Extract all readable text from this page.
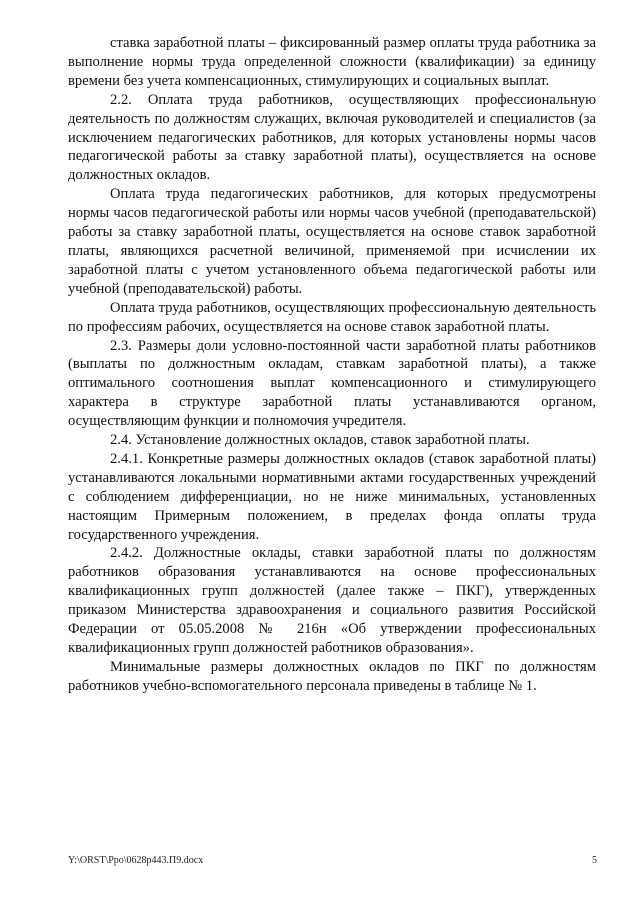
ставка заработной платы – фиксированный размер оплаты труда работника за выполнение нормы труда определенной сложности (квалификации) за единицу времени без учета компенсационных, стимулирующих и социальных выплат.

2.2. Оплата труда работников, осуществляющих профессиональную деятельность по должностям служащих, включая руководителей и специалистов (за исключением педагогических работников, для которых установлены нормы часов педагогической работы за ставку заработной платы), осуществляется на основе должностных окладов.

Оплата труда педагогических работников, для которых предусмотрены нормы часов педагогической работы или нормы часов учебной (преподавательской) работы за ставку заработной платы, осуществляется на основе ставок заработной платы, являющихся расчетной величиной, применяемой при исчислении их заработной платы с учетом установленного объема педагогической работы или учебной (преподавательской) работы.

Оплата труда работников, осуществляющих профессиональную деятельность по профессиям рабочих, осуществляется на основе ставок заработной платы.

2.3. Размеры доли условно-постоянной части заработной платы работников (выплаты по должностным окладам, ставкам заработной платы), а также оптимального соотношения выплат компенсационного и стимулирующего характера в структуре заработной платы устанавливаются органом, осуществляющим функции и полномочия учредителя.

2.4. Установление должностных окладов, ставок заработной платы.

2.4.1. Конкретные размеры должностных окладов (ставок заработной платы) устанавливаются локальными нормативными актами государственных учреждений с соблюдением дифференциации, но не ниже минимальных, установленных настоящим Примерным положением, в пределах фонда оплаты труда государственного учреждения.

2.4.2. Должностные оклады, ставки заработной платы по должностям работников образования устанавливаются на основе профессиональных квалификационных групп должностей (далее также – ПКГ), утвержденных приказом Министерства здравоохранения и социального развития Российской Федерации от 05.05.2008 № 216н «Об утверждении профессиональных квалификационных групп должностей работников образования».

Минимальные размеры должностных окладов по ПКГ по должностям работников учебно-вспомогательного персонала приведены в таблице № 1.

Y:\ORST\Ppo\0628p443.П9.docx	5
